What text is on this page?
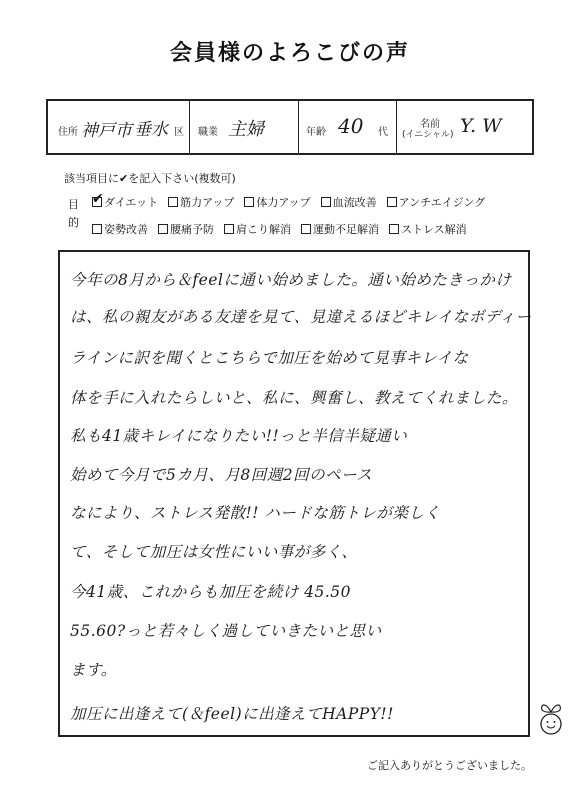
会員様のよろこびの声
住所 神戸市 垂水 区 職業 主婦	年齢 40 代
名前
(イニシャル) Y. W
該当項目に✔を記入下さい(複数可)
目
的
✔ ダイエット 筋力アップ 体力アップ 血流改善 アンチエイジング
姿勢改善 腰痛予防 肩こり解消 運動不足解消 ストレス解消
今年の8月から＆feelに通い始めました。通い始めたきっかけ
は、私の親友がある友達を見て、見違えるほどキレイなボディー
ラインに訳を聞くとこちらで加圧を始めて見事キレイな
体を手に入れたらしいと、私に、興奮し、教えてくれました。
私も41歳キレイになりたい!!っと半信半疑通い
始めて今月で5カ月、月8回週2回のペース
なにより、ストレス発散!! ハードな筋トレが楽しく
て、そして加圧は女性にいい事が多く、
今41歳、これからも加圧を続け 45.50
55.60?っと若々しく過していきたいと思い
ます。
加圧に出逢えて(＆feel)に出逢えてHAPPY!!
ご記入ありがとうございました。
